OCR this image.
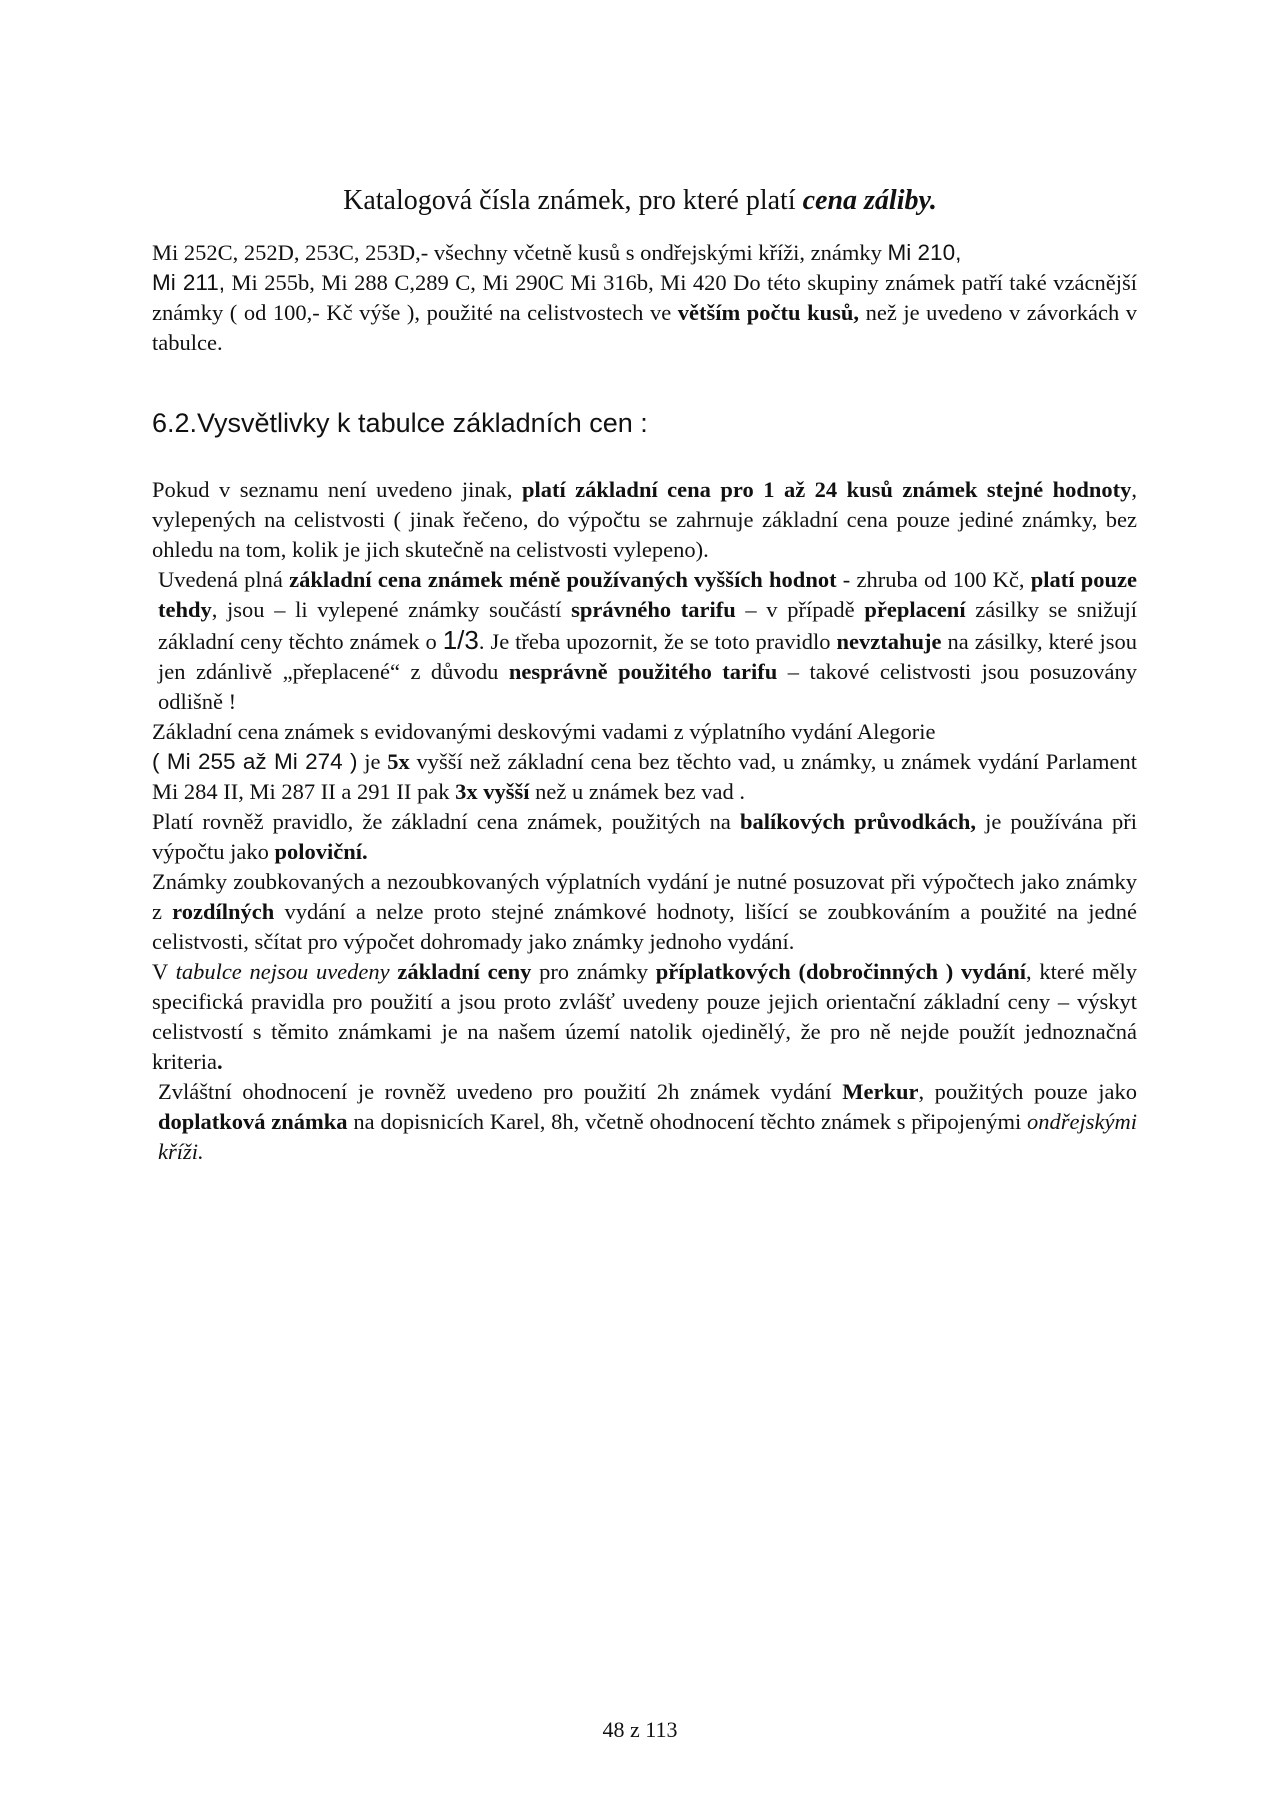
Katalogová čísla známek, pro které platí cena záliby.

Mi 252C, 252D, 253C, 253D,- všechny včetně kusů s ondřejskými kříži, známky Mi 210,
Mi 211, Mi 255b, Mi 288 C,289 C, Mi 290C Mi 316b, Mi 420 Do této skupiny známek patří také vzácnější známky ( od 100,- Kč výše ), použité na celistvostech ve větším počtu kusů, než je uvedeno v závorkách v tabulce.

6.2.Vysvětlivky k tabulce základních cen :

Pokud v seznamu není uvedeno jinak, platí základní cena pro 1 až 24 kusů známek stejné hodnoty, vylepených na celistvosti ( jinak řečeno, do výpočtu se zahrnuje základní cena pouze jediné známky, bez ohledu na tom, kolik je jich skutečně na celistvosti vylepeno).

Uvedená plná základní cena známek méně používaných vyšších hodnot - zhruba od 100 Kč, platí pouze tehdy, jsou – li vylepené známky součástí správného tarifu – v případě přeplacení zásilky se snižují základní ceny těchto známek o 1/3. Je třeba upozornit, že se toto pravidlo nevztahuje na zásilky, které jsou jen zdánlivě „přeplacené“ z důvodu nesprávně použitého tarifu – takové celistvosti jsou posuzovány odlišně !

Základní cena známek s evidovanými deskovými vadami z výplatního vydání Alegorie
( Mi 255 až Mi 274 ) je 5x vyšší než základní cena bez těchto vad, u známky, u známek vydání Parlament Mi 284 II, Mi 287 II a 291 II pak 3x vyšší než u známek bez vad .

Platí rovněž pravidlo, že základní cena známek, použitých na balíkových průvodkách, je používána při výpočtu jako poloviční.

Známky zoubkovaných a nezoubkovaných výplatních vydání je nutné posuzovat při výpočtech jako známky z rozdílných vydání a nelze proto stejné známkové hodnoty, lišící se zoubkováním a použité na jedné celistvosti, sčítat pro výpočet dohromady jako známky jednoho vydání.

V tabulce nejsou uvedeny základní ceny pro známky příplatkových (dobročinných ) vydání, které měly specifická pravidla pro použití a jsou proto zvlášť uvedeny pouze jejich orientační základní ceny – výskyt celistvostí s těmito známkami je na našem území natolik ojedinělý, že pro ně nejde použít jednoznačná kriteria.

Zvláštní ohodnocení je rovněž uvedeno pro použití 2h známek vydání Merkur, použitých pouze jako doplatková známka na dopisnicích Karel, 8h, včetně ohodnocení těchto známek s připojenými ondřejskými kříži.

48 z 113
